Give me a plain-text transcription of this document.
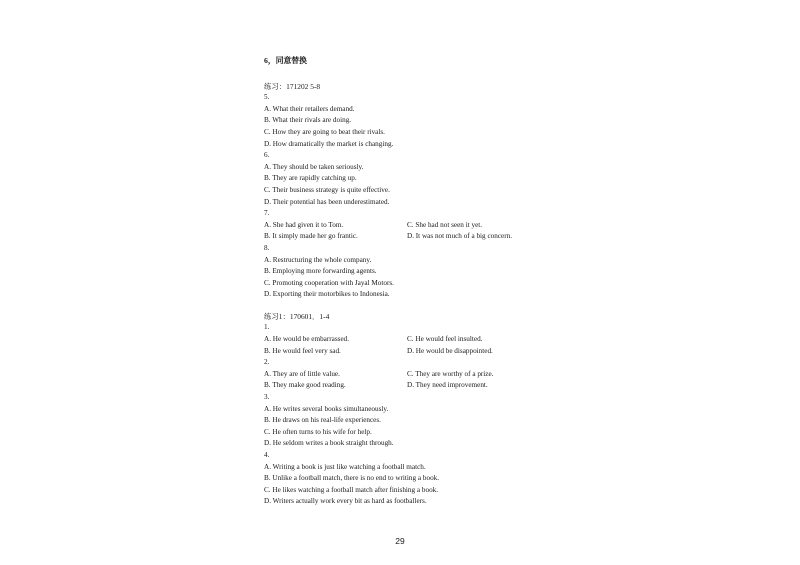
6，同意替换
练习：171202 5-8
5.
A. What their retailers demand.
B. What their rivals are doing.
C. How they are going to beat their rivals.
D. How dramatically the market is changing.
6.
A. They should be taken seriously.
B. They are rapidly catching up.
C. Their business strategy is quite effective.
D. Their potential has been underestimated.
7.
A. She had given it to Tom.	C. She had not seen it yet.
B. It simply made her go frantic.	D. It was not much of a big concern.
8.
A. Restructuring the whole company.
B. Employing more forwarding agents.
C. Promoting cooperation with Jayal Motors.
D. Exporting their motorbikes to Indonesia.
练习1：170601．1-4
1.
A. He would be embarrassed.	C. He would feel insulted.
B. He would feel very sad.	D. He would be disappointed.
2.
A. They are of little value.	C. They are worthy of a prize.
B. They make good reading.	D. They need improvement.
3.
A. He writes several books simultaneously.
B. He draws on his real-life experiences.
C. He often turns to his wife for help.
D. He seldom writes a book straight through.
4.
A. Writing a book is just like watching a football match.
B. Unlike a football match, there is no end to writing a book.
C. He likes watching a football match after finishing a book.
D. Writers actually work every bit as hard as footballers.
29
